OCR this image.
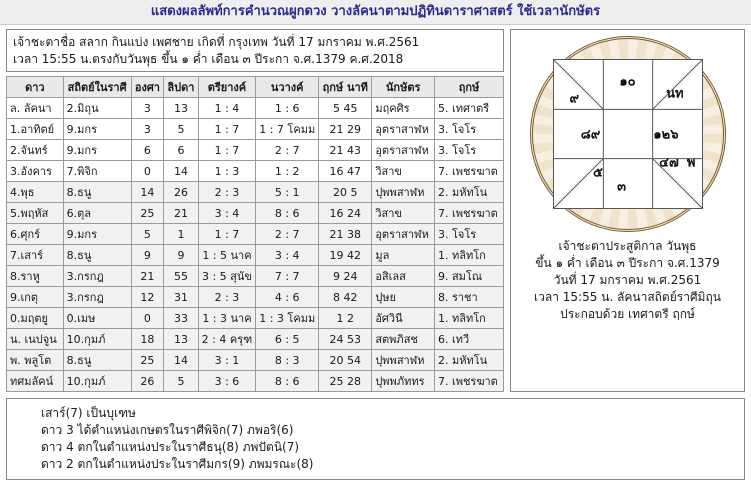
แสดงผลลัพท์การคำนวณผูกดวง วางลัคนาตามปฏิทินดาราศาสตร์ ใช้เวลานักษัตร
เจ้าชะตาชื่อ สลาก กินแบ่ง เพศชาย เกิดที่ กรุงเทพ วันที่ 17 มกราคม พ.ศ.2561
เวลา 15:55 น.ตรงกับวันพุธ ขึ้น ๑ ค่ำ เดือน ๓ ปีระกา จ.ศ.1379 ค.ศ.2018
ดาว	สถิตย์ในราศี	องศา	ลิปดา	ตรียางค์	นวางค์	ฤกษ์ นาที	นักษัตร	ฤกษ์
ล. ลัคนา	2.มิถุน	3	13	1 : 4	1 : 6	5 45	มฤคศิร	5. เทศาตรี
1.อาทิตย์	9.มกร	3	5	1 : 7	1 : 7 โคมม	21 29	อุตราสาฬห	3. โจโร
2.จันทร์	9.มกร	6	6	1 : 7	2 : 7	21 43	อุตราสาฬห	3. โจโร
3.อังคาร	7.พิจิก	0	14	1 : 3	1 : 2	16 47	วิสาข	7. เพชรฆาต
4.พุธ	8.ธนู	14	26	2 : 3	5 : 1	20 5	ปุพพสาฬห	2. มหัทโน
5.พฤหัส	6.ตุล	25	21	3 : 4	8 : 6	16 24	วิสาข	7. เพชรฆาต
6.ศุกร์	9.มกร	5	1	1 : 7	2 : 7	21 38	อุตราสาฬห	3. โจโร
7.เสาร์	8.ธนู	9	9	1 : 5 นาค	3 : 4	19 42	มูล	1. ทลิทโก
8.ราหู	3.กรกฎ	21	55	3 : 5 สุนัข	7 : 7	9 24	อสิเลส	9. สมโณ
9.เกตุ	3.กรกฎ	12	31	2 : 3	4 : 6	8 42	ปุษย	8. ราชา
0.มฤตยู	0.เมษ	0	33	1 : 3 นาค	1 : 3 โคมม	1 2	อัศวินี	1. ทลิทโก
น. เนปจูน	10.กุมภ์	18	13	2 : 4 ครุฑ	6 : 5	24 53	สตพภิสช	6. เทวี
พ. พลูโต	8.ธนู	25	14	3 : 1	8 : 3	20 54	ปุพพสาฬห	2. มหัทโน
ทศมลัคน์	10.กุมภ์	26	5	3 : 6	8 : 6	25 28	ปุพพภัททร	7. เพชรฆาต
๑๐
นท
๙
๘๙	๑๒๖
๔๗ พ
๕
๓
เจ้าชะตาประสูติกาล วันพุธ
ขึ้น ๑ ค่ำ เดือน ๓ ปีระกา จ.ศ.1379
วันที่ 17 มกราคม พ.ศ.2561
เวลา 15:55 น. ลัคนาสถิตย์ราศีมิถุน
ประกอบด้วย เทศาตรี ฤกษ์
เสาร์(7) เป็นบุเฑษ
ดาว 3 ได้ตำแหน่งเกษตรในราศีพิจิก(7) ภพอริ(6)
ดาว 4 ตกในตำแหน่งประในราศีธนุ(8) ภพปัตนิ(7)
ดาว 2 ตกในตำแหน่งประในราศีมกร(9) ภพมรณะ(8)
